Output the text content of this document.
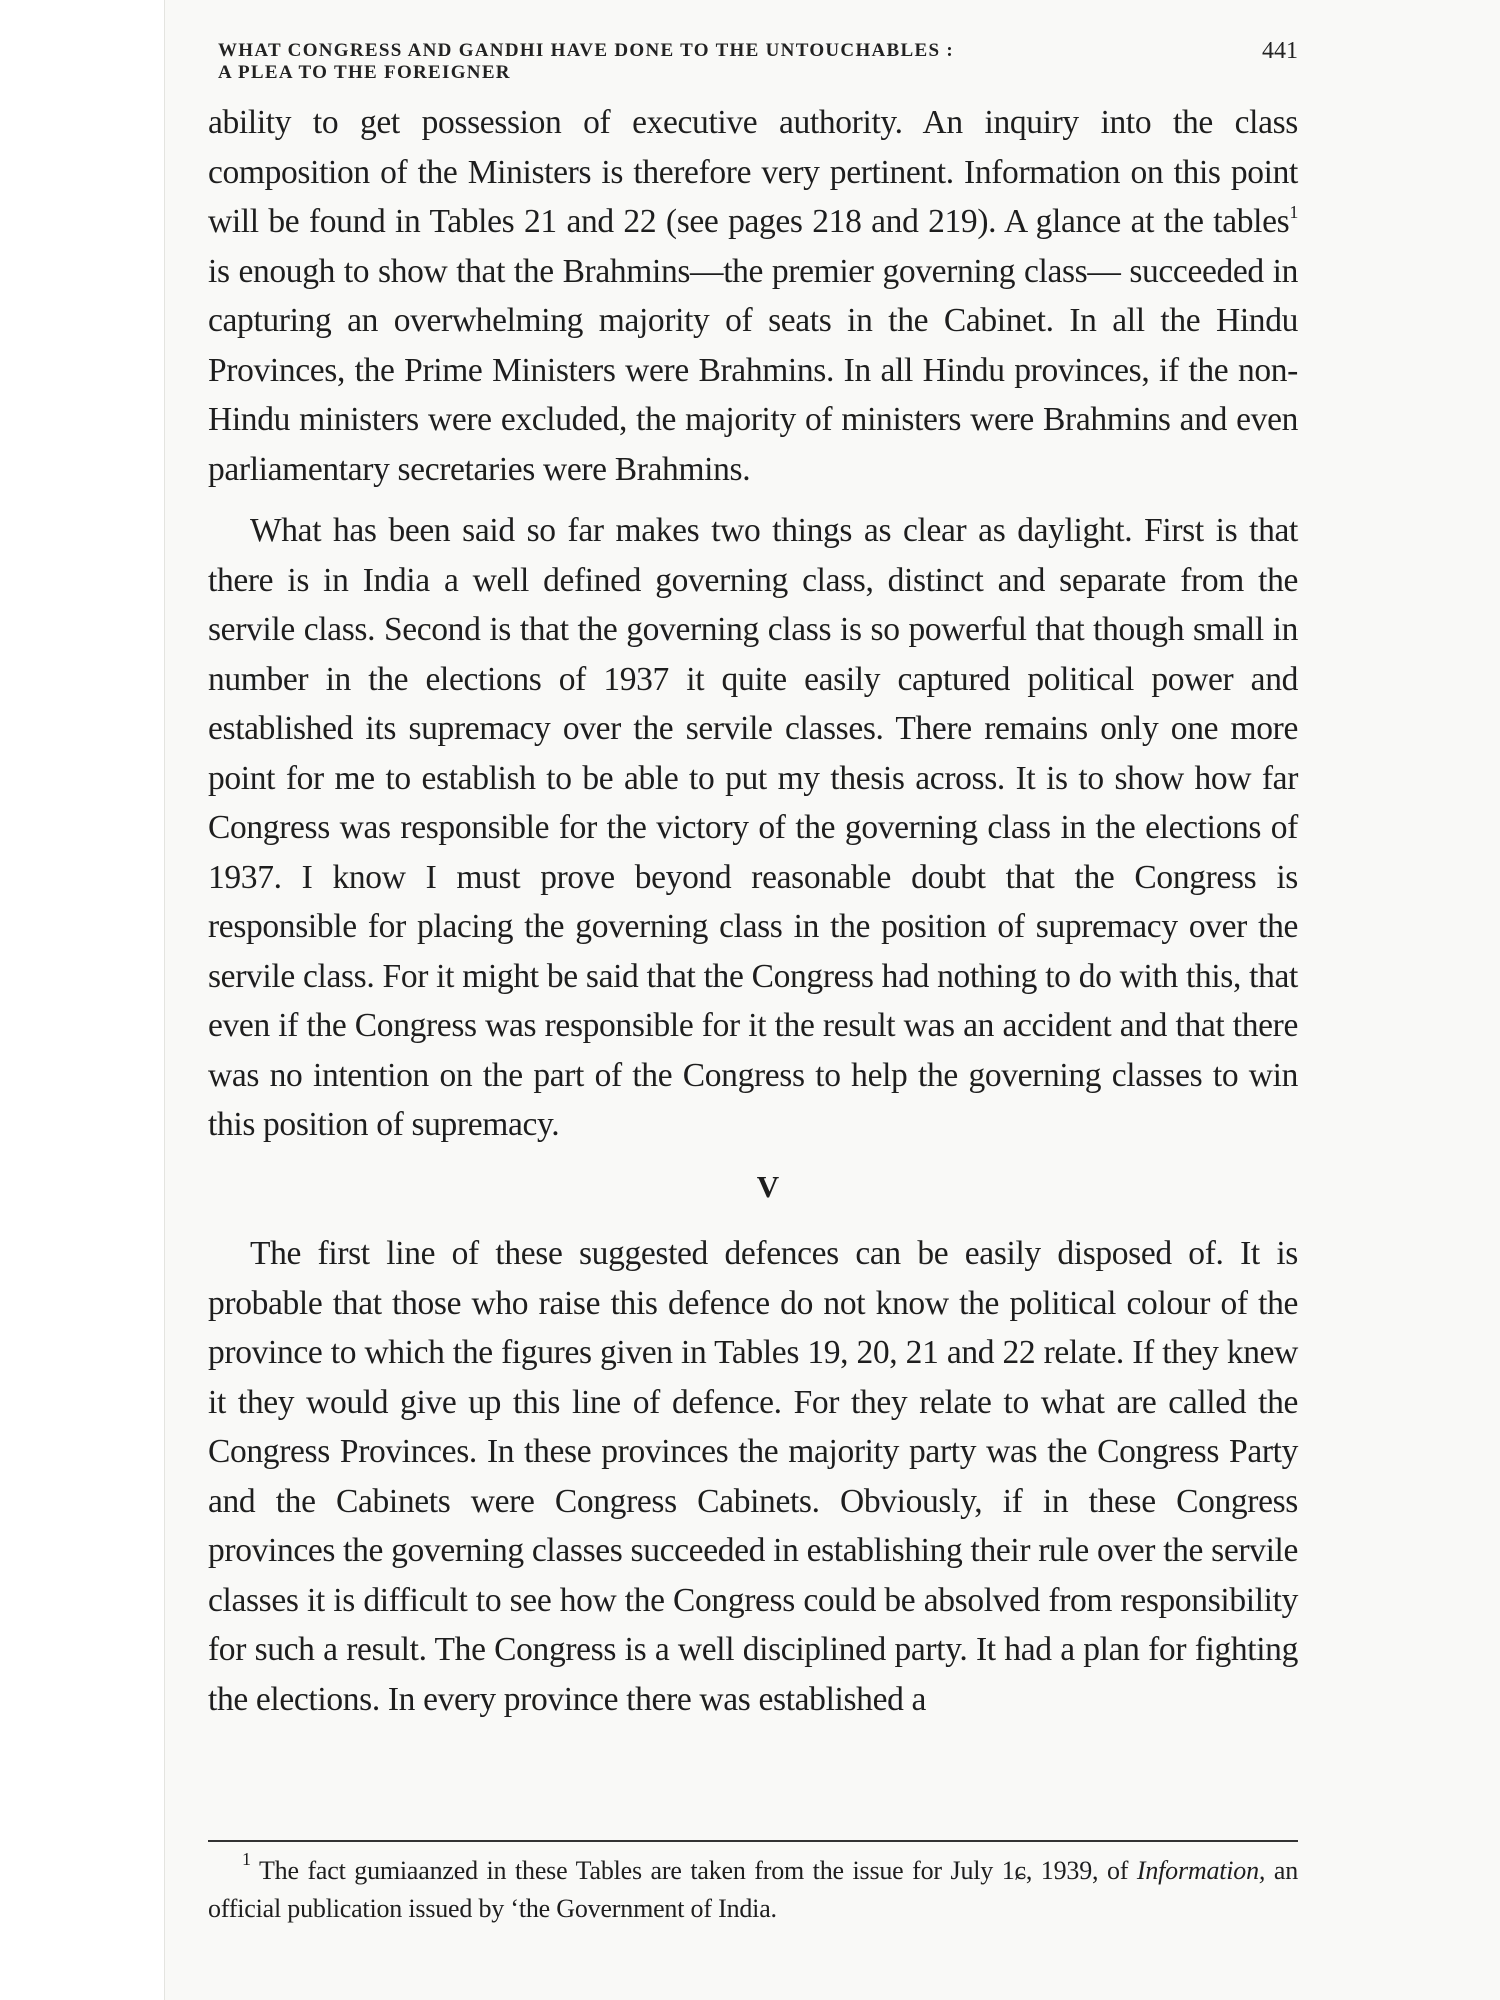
WHAT CONGRESS AND GANDHI HAVE DONE TO THE UNTOUCHABLES :
A PLEA TO THE FOREIGNER
441

ability to get possession of executive authority. An inquiry into the class composition of the Ministers is therefore very pertinent. Information on this point will be found in Tables 21 and 22 (see pages 218 and 219). A glance at the tables$^1$ is enough to show that the Brahmins—the premier governing class— succeeded in capturing an overwhelming majority of seats in the Cabinet. In all the Hindu Provinces, the Prime Ministers were Brahmins. In all Hindu provinces, if the non-Hindu ministers were excluded, the majority of ministers were Brahmins and even parliamentary secretaries were Brahmins.

What has been said so far makes two things as clear as daylight. First is that there is in India a well defined governing class, distinct and separate from the servile class. Second is that the governing class is so powerful that though small in number in the elections of 1937 it quite easily captured political power and established its supremacy over the servile classes. There remains only one more point for me to establish to be able to put my thesis across. It is to show how far Congress was responsible for the victory of the governing class in the elections of 1937. I know I must prove beyond reasonable doubt that the Congress is responsible for placing the governing class in the position of supremacy over the servile class. For it might be said that the Congress had nothing to do with this, that even if the Congress was responsible for it the result was an accident and that there was no intention on the part of the Congress to help the governing classes to win this position of supremacy.

V

The first line of these suggested defences can be easily disposed of. It is probable that those who raise this defence do not know the political colour of the province to which the figures given in Tables 19, 20, 21 and 22 relate. If they knew it they would give up this line of defence. For they relate to what are called the Congress Provinces. In these provinces the majority party was the Congress Party and the Cabinets were Congress Cabinets. Obviously, if in these Congress provinces the governing classes succeeded in establishing their rule over the servile classes it is difficult to see how the Congress could be absolved from responsibility for such a result. The Congress is a well disciplined party. It had a plan for fighting the elections. In every province there was established a

$^1$ The fact gumiaanzed in these Tables are taken from the issue for July 1ɕ, 1939, of Information, an official publication issued by ‘the Government of India.
